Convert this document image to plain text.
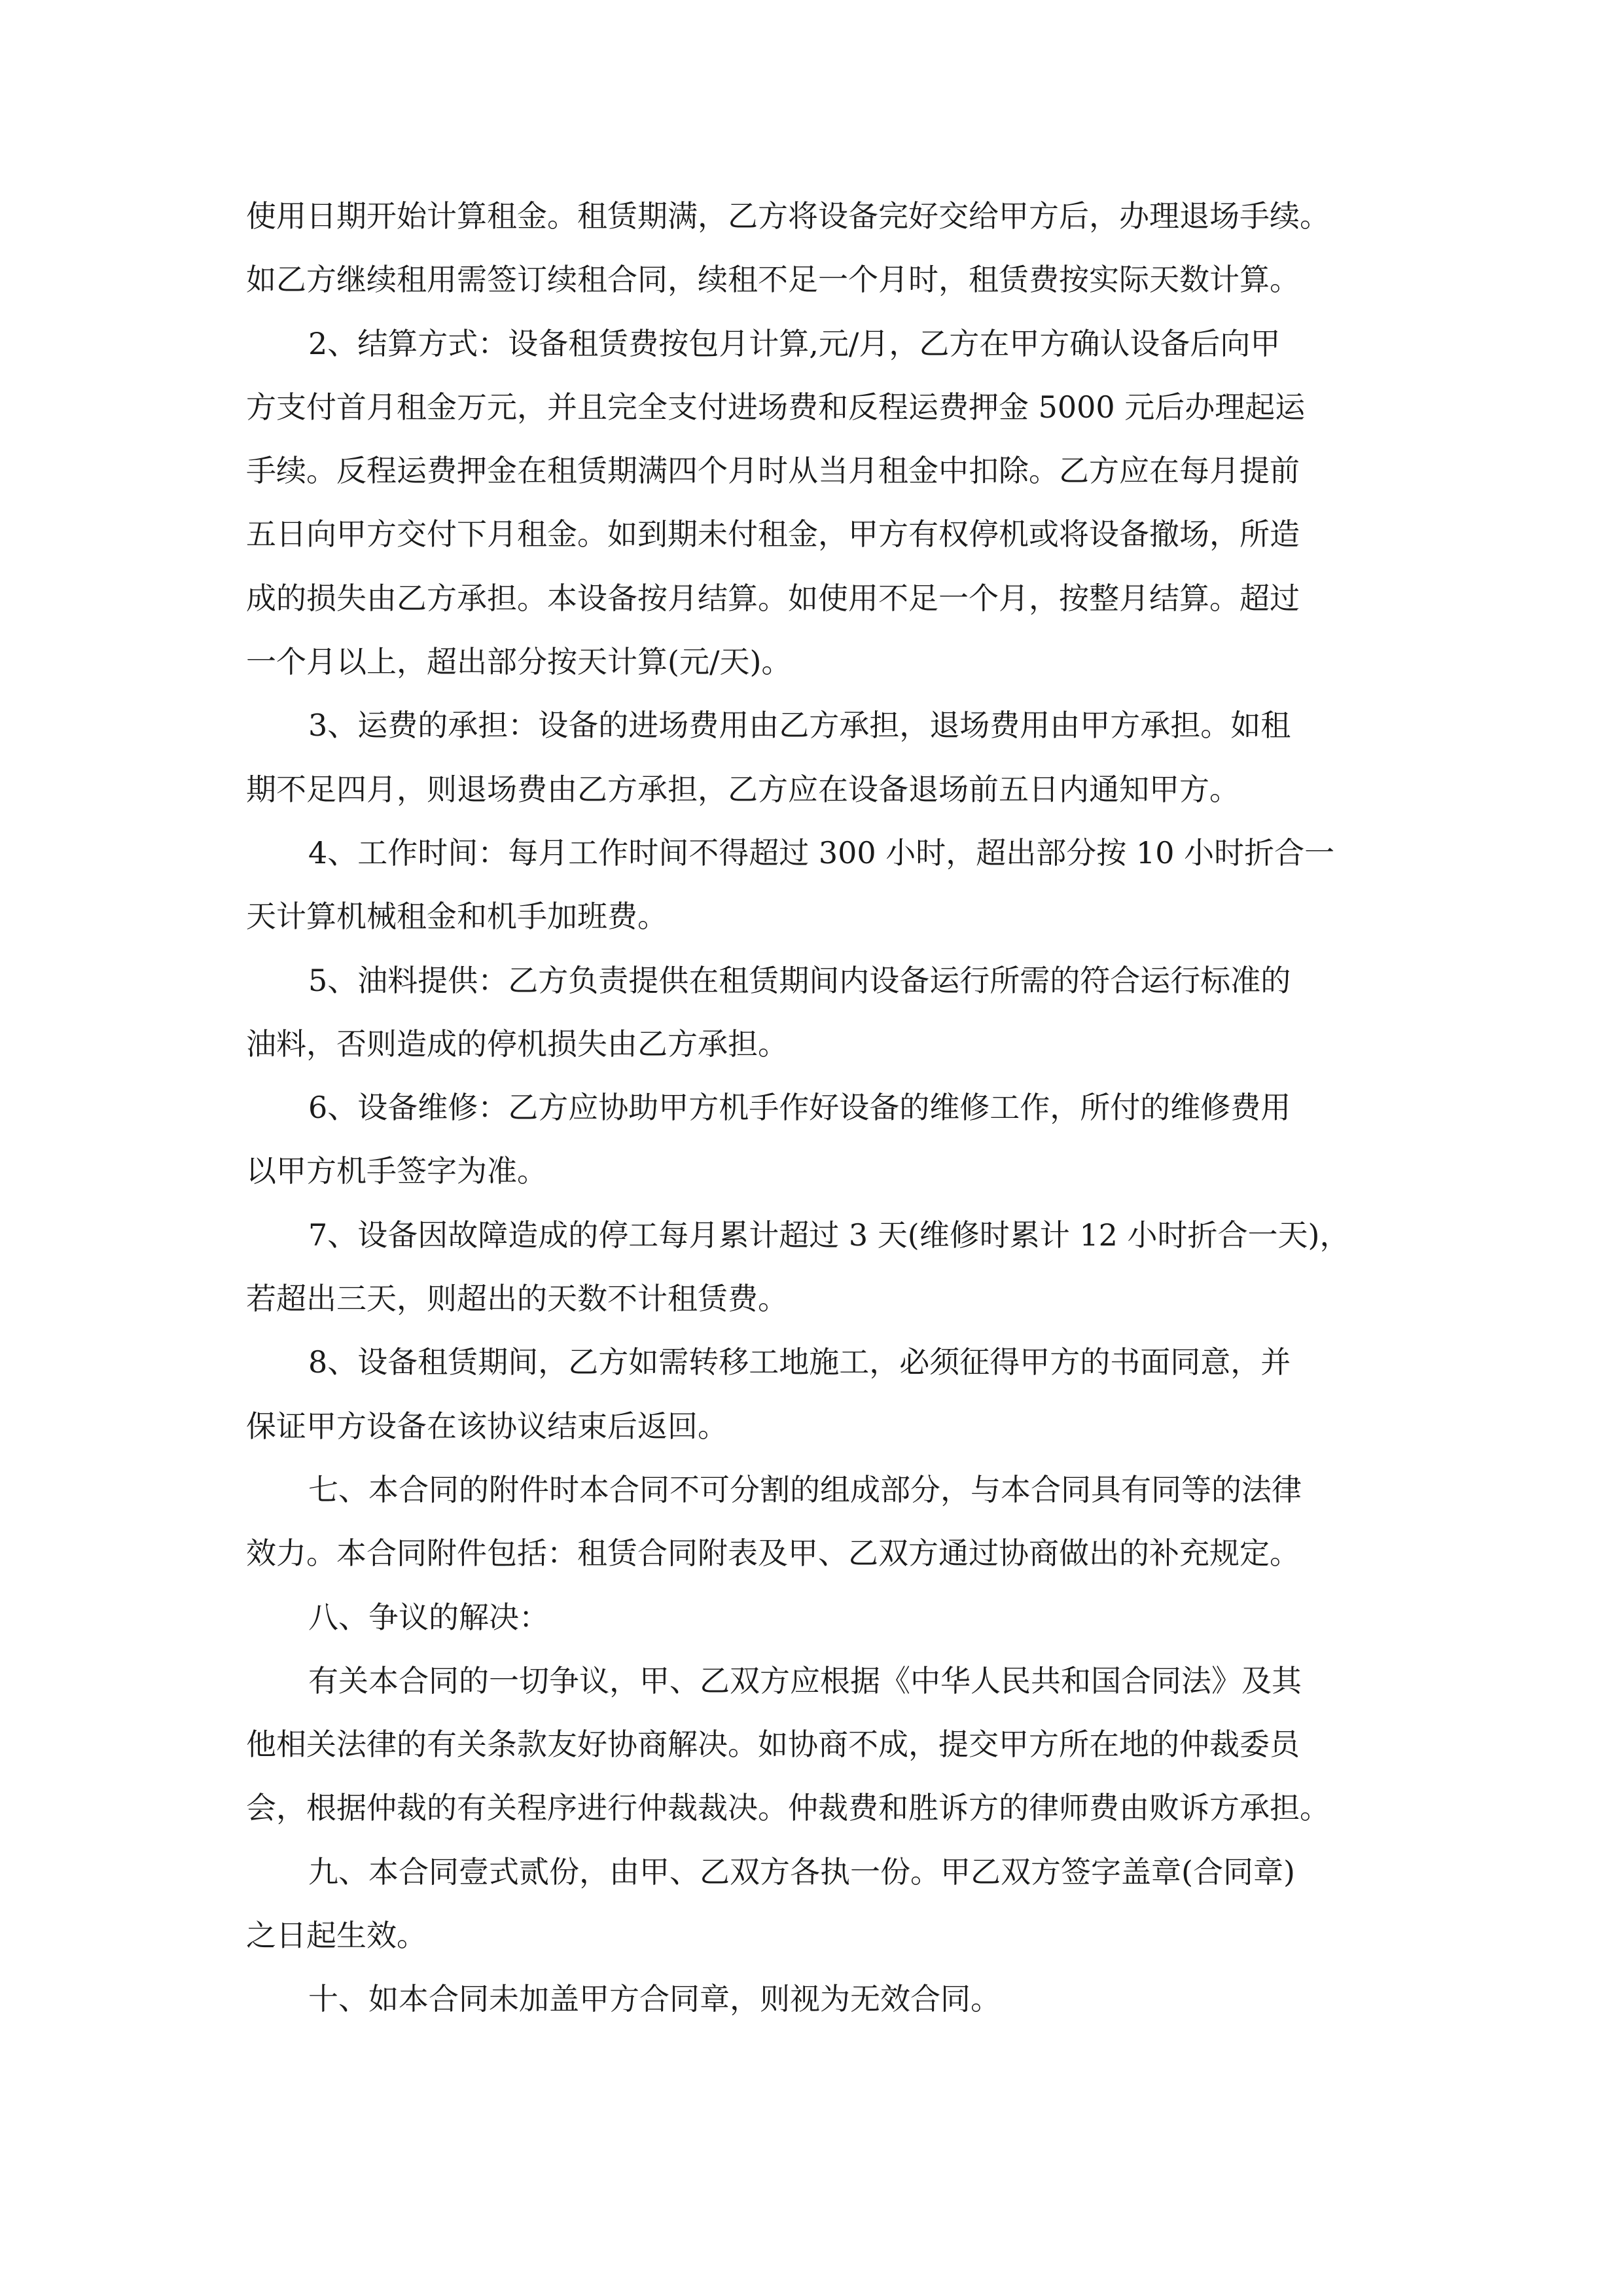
使用日期开始计算租金。租赁期满，乙方将设备完好交给甲方后，办理退场手续。

如乙方继续租用需签订续租合同，续租不足一个月时，租赁费按实际天数计算。

2、结算方式：设备租赁费按包月计算,元/月，乙方在甲方确认设备后向甲

方支付首月租金万元，并且完全支付进场费和反程运费押金 5000 元后办理起运

手续。反程运费押金在租赁期满四个月时从当月租金中扣除。乙方应在每月提前

五日向甲方交付下月租金。如到期未付租金，甲方有权停机或将设备撤场，所造

成的损失由乙方承担。本设备按月结算。如使用不足一个月，按整月结算。超过

一个月以上，超出部分按天计算(元/天)。

3、运费的承担：设备的进场费用由乙方承担，退场费用由甲方承担。如租

期不足四月，则退场费由乙方承担，乙方应在设备退场前五日内通知甲方。

4、工作时间：每月工作时间不得超过 300 小时，超出部分按 10 小时折合一

天计算机械租金和机手加班费。

5、油料提供：乙方负责提供在租赁期间内设备运行所需的符合运行标准的

油料，否则造成的停机损失由乙方承担。

6、设备维修：乙方应协助甲方机手作好设备的维修工作，所付的维修费用

以甲方机手签字为准。

7、设备因故障造成的停工每月累计超过 3 天(维修时累计 12 小时折合一天)，

若超出三天，则超出的天数不计租赁费。

8、设备租赁期间，乙方如需转移工地施工，必须征得甲方的书面同意，并

保证甲方设备在该协议结束后返回。

七、本合同的附件时本合同不可分割的组成部分，与本合同具有同等的法律

效力。本合同附件包括：租赁合同附表及甲、乙双方通过协商做出的补充规定。

八、争议的解决：

有关本合同的一切争议，甲、乙双方应根据《中华人民共和国合同法》及其

他相关法律的有关条款友好协商解决。如协商不成，提交甲方所在地的仲裁委员

会，根据仲裁的有关程序进行仲裁裁决。仲裁费和胜诉方的律师费由败诉方承担。

九、本合同壹式贰份，由甲、乙双方各执一份。甲乙双方签字盖章(合同章)

之日起生效。

十、如本合同未加盖甲方合同章，则视为无效合同。
